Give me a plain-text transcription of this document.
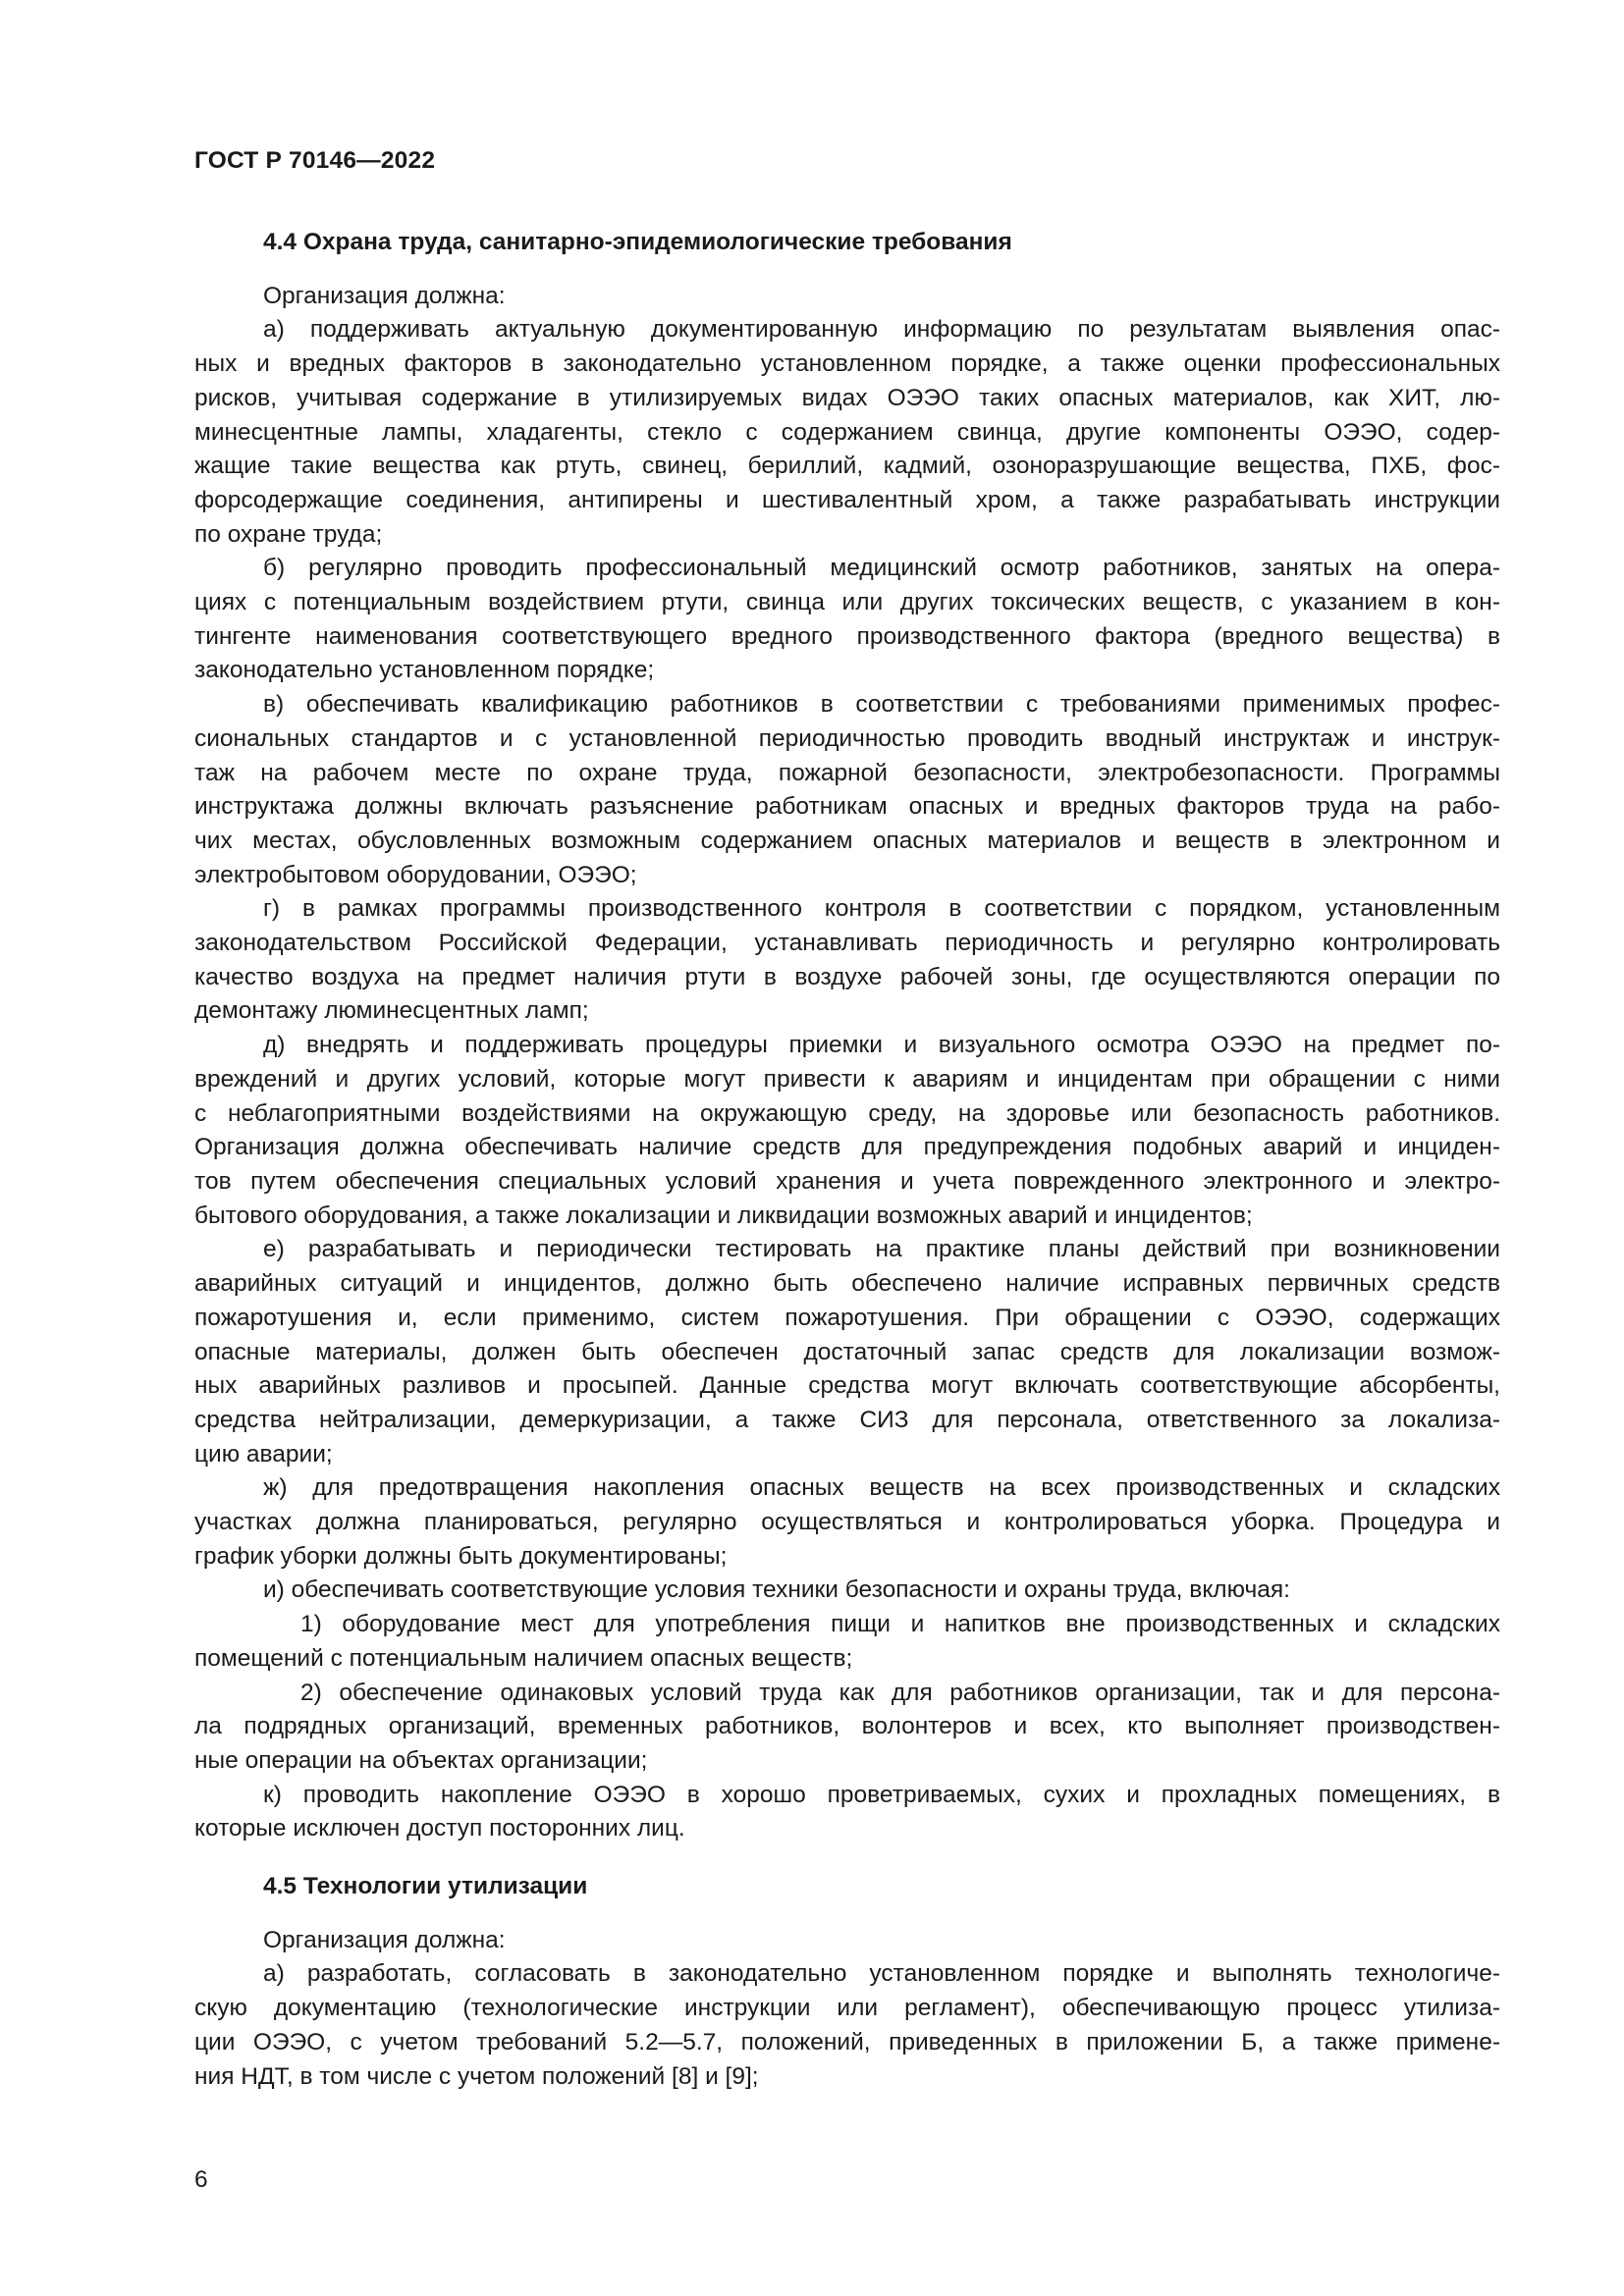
ГОСТ Р 70146—2022
4.4 Охрана труда, санитарно-эпидемиологические требования
Организация должна:
а) поддерживать актуальную документированную информацию по результатам выявления опас-
ных и вредных факторов в законодательно установленном порядке, а также оценки профессиональных
рисков, учитывая содержание в утилизируемых видах ОЭЭО таких опасных материалов, как ХИТ, лю-
минесцентные лампы, хладагенты, стекло с содержанием свинца, другие компоненты ОЭЭО, содер-
жащие такие вещества как ртуть, свинец, бериллий, кадмий, озоноразрушающие вещества, ПХБ, фос-
форсодержащие соединения, антипирены и шестивалентный хром, а также разрабатывать инструкции
по охране труда;
б) регулярно проводить профессиональный медицинский осмотр работников, занятых на опера-
циях с потенциальным воздействием ртути, свинца или других токсических веществ, с указанием в кон-
тингенте наименования соответствующего вредного производственного фактора (вредного вещества) в
законодательно установленном порядке;
в) обеспечивать квалификацию работников в соответствии с требованиями применимых профес-
сиональных стандартов и с установленной периодичностью проводить вводный инструктаж и инструк-
таж на рабочем месте по охране труда, пожарной безопасности, электробезопасности. Программы
инструктажа должны включать разъяснение работникам опасных и вредных факторов труда на рабо-
чих местах, обусловленных возможным содержанием опасных материалов и веществ в электронном и
электробытовом оборудовании, ОЭЭО;
г) в рамках программы производственного контроля в соответствии с порядком, установленным
законодательством Российской Федерации, устанавливать периодичность и регулярно контролировать
качество воздуха на предмет наличия ртути в воздухе рабочей зоны, где осуществляются операции по
демонтажу люминесцентных ламп;
д) внедрять и поддерживать процедуры приемки и визуального осмотра ОЭЭО на предмет по-
вреждений и других условий, которые могут привести к авариям и инцидентам при обращении с ними
с неблагоприятными воздействиями на окружающую среду, на здоровье или безопасность работников.
Организация должна обеспечивать наличие средств для предупреждения подобных аварий и инциден-
тов путем обеспечения специальных условий хранения и учета поврежденного электронного и электро-
бытового оборудования, а также локализации и ликвидации возможных аварий и инцидентов;
е) разрабатывать и периодически тестировать на практике планы действий при возникновении
аварийных ситуаций и инцидентов, должно быть обеспечено наличие исправных первичных средств
пожаротушения и, если применимо, систем пожаротушения. При обращении с ОЭЭО, содержащих
опасные материалы, должен быть обеспечен достаточный запас средств для локализации возмож-
ных аварийных разливов и просыпей. Данные средства могут включать соответствующие абсорбенты,
средства нейтрализации, демеркуризации, а также СИЗ для персонала, ответственного за локализа-
цию аварии;
ж) для предотвращения накопления опасных веществ на всех производственных и складских
участках должна планироваться, регулярно осуществляться и контролироваться уборка. Процедура и
график уборки должны быть документированы;
и) обеспечивать соответствующие условия техники безопасности и охраны труда, включая:
1) оборудование мест для употребления пищи и напитков вне производственных и складских
помещений с потенциальным наличием опасных веществ;
2) обеспечение одинаковых условий труда как для работников организации, так и для персона-
ла подрядных организаций, временных работников, волонтеров и всех, кто выполняет производствен-
ные операции на объектах организации;
к) проводить накопление ОЭЭО в хорошо проветриваемых, сухих и прохладных помещениях, в
которые исключен доступ посторонних лиц.
4.5 Технологии утилизации
Организация должна:
а) разработать, согласовать в законодательно установленном порядке и выполнять технологиче-
скую документацию (технологические инструкции или регламент), обеспечивающую процесс утилиза-
ции ОЭЭО, с учетом требований 5.2—5.7, положений, приведенных в приложении Б, а также примене-
ния НДТ, в том числе с учетом положений [8] и [9];
6
